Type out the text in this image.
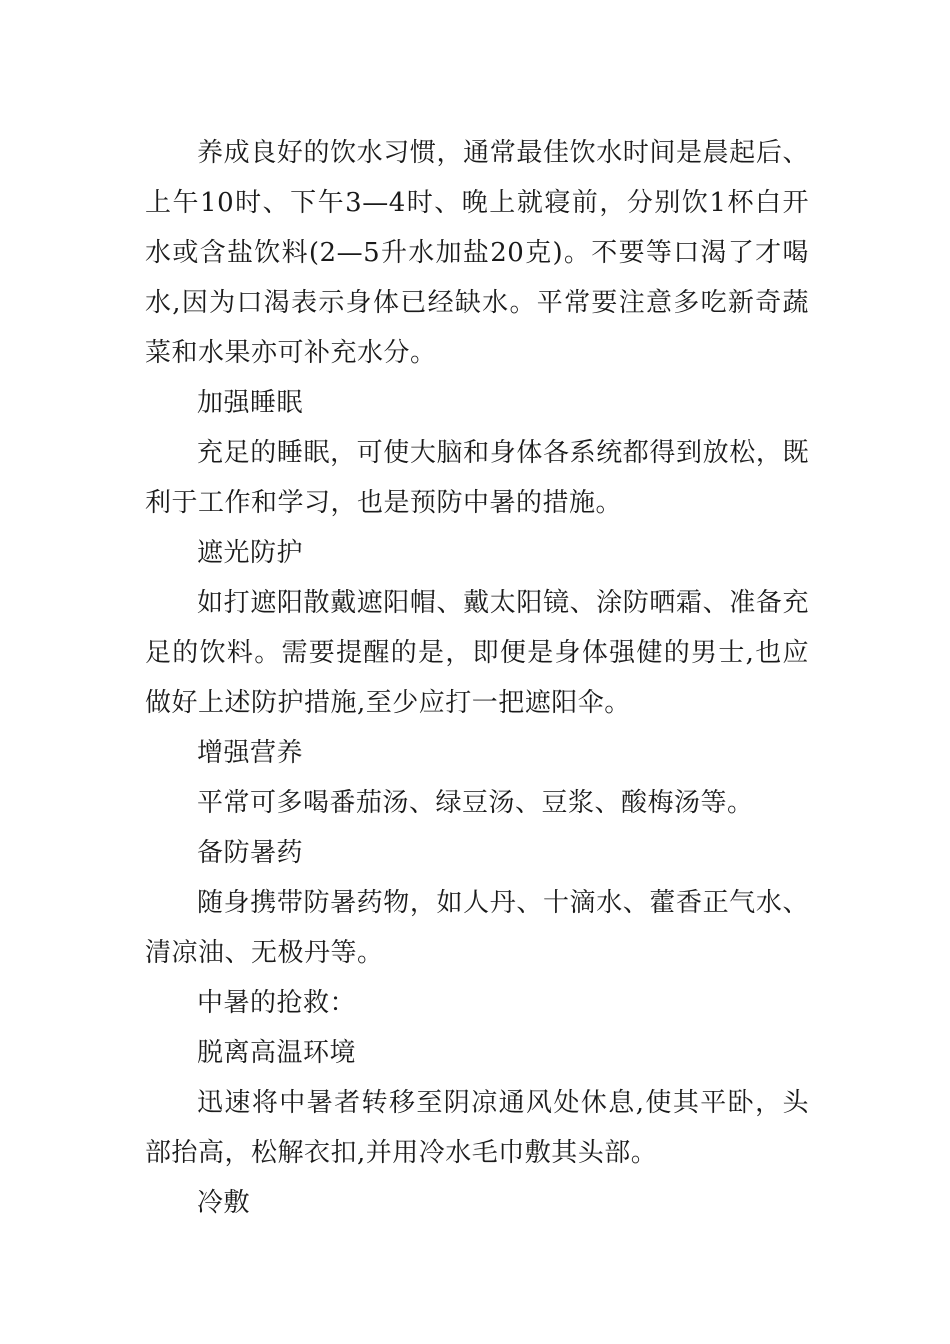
养成良好的饮水习惯，通常最佳饮水时间是晨起后、上午10时、下午3—4时、晚上就寝前，分别饮1杯白开水或含盐饮料(2—5升水加盐20克)。不要等口渴了才喝水,因为口渴表示身体已经缺水。平常要注意多吃新奇蔬菜和水果亦可补充水分。

加强睡眠

充足的睡眠，可使大脑和身体各系统都得到放松，既利于工作和学习，也是预防中暑的措施。

遮光防护

如打遮阳散戴遮阳帽、戴太阳镜、涂防晒霜、准备充足的饮料。需要提醒的是，即便是身体强健的男士,也应做好上述防护措施,至少应打一把遮阳伞。

增强营养

平常可多喝番茄汤、绿豆汤、豆浆、酸梅汤等。

备防暑药

随身携带防暑药物，如人丹、十滴水、藿香正气水、清凉油、无极丹等。

中暑的抢救：

脱离高温环境

迅速将中暑者转移至阴凉通风处休息,使其平卧，头部抬高，松解衣扣,并用冷水毛巾敷其头部。

冷敷
